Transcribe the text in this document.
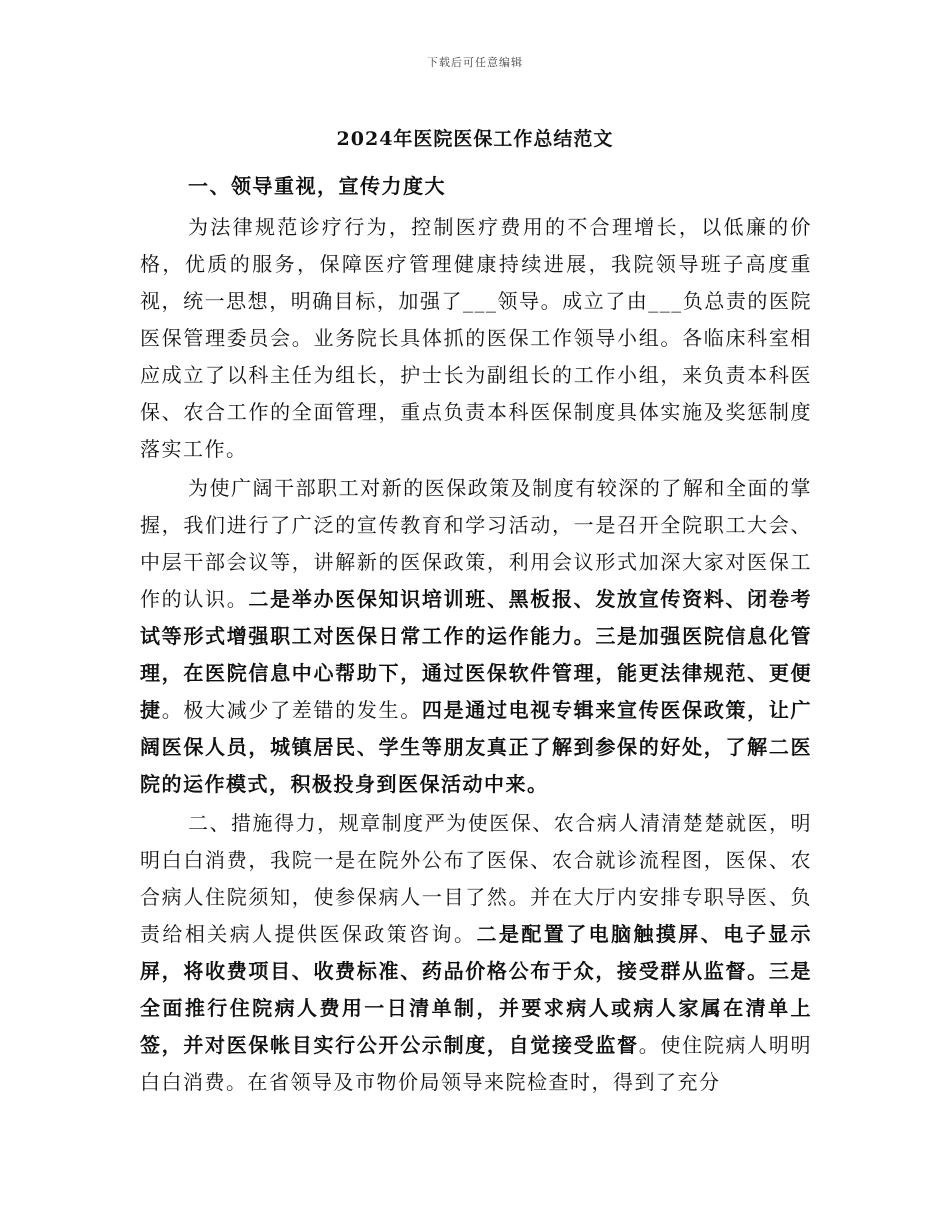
下载后可任意编辑
2024年医院医保工作总结范文
一、领导重视，宣传力度大

为法律规范诊疗行为，控制医疗费用的不合理增长，以低廉的价格，优质的服务，保障医疗管理健康持续进展，我院领导班子高度重视，统一思想，明确目标，加强了___领导。成立了由___负总责的医院医保管理委员会。业务院长具体抓的医保工作领导小组。各临床科室相应成立了以科主任为组长，护士长为副组长的工作小组，来负责本科医保、农合工作的全面管理，重点负责本科医保制度具体实施及奖惩制度落实工作。

为使广阔干部职工对新的医保政策及制度有较深的了解和全面的掌握，我们进行了广泛的宣传教育和学习活动，一是召开全院职工大会、中层干部会议等，讲解新的医保政策，利用会议形式加深大家对医保工作的认识。二是举办医保知识培训班、黑板报、发放宣传资料、闭卷考试等形式增强职工对医保日常工作的运作能力。三是加强医院信息化管理，在医院信息中心帮助下，通过医保软件管理，能更法律规范、更便捷。极大减少了差错的发生。四是通过电视专辑来宣传医保政策，让广阔医保人员，城镇居民、学生等朋友真正了解到参保的好处，了解二医院的运作模式，积极投身到医保活动中来。

二、措施得力，规章制度严为使医保、农合病人清清楚楚就医，明明白白消费，我院一是在院外公布了医保、农合就诊流程图，医保、农合病人住院须知，使参保病人一目了然。并在大厅内安排专职导医、负责给相关病人提供医保政策咨询。二是配置了电脑触摸屏、电子显示屏，将收费项目、收费标准、药品价格公布于众，接受群从监督。三是全面推行住院病人费用一日清单制，并要求病人或病人家属在清单上签，并对医保帐目实行公开公示制度，自觉接受监督。使住院病人明明白白消费。在省领导及市物价局领导来院检查时，得到了充分
